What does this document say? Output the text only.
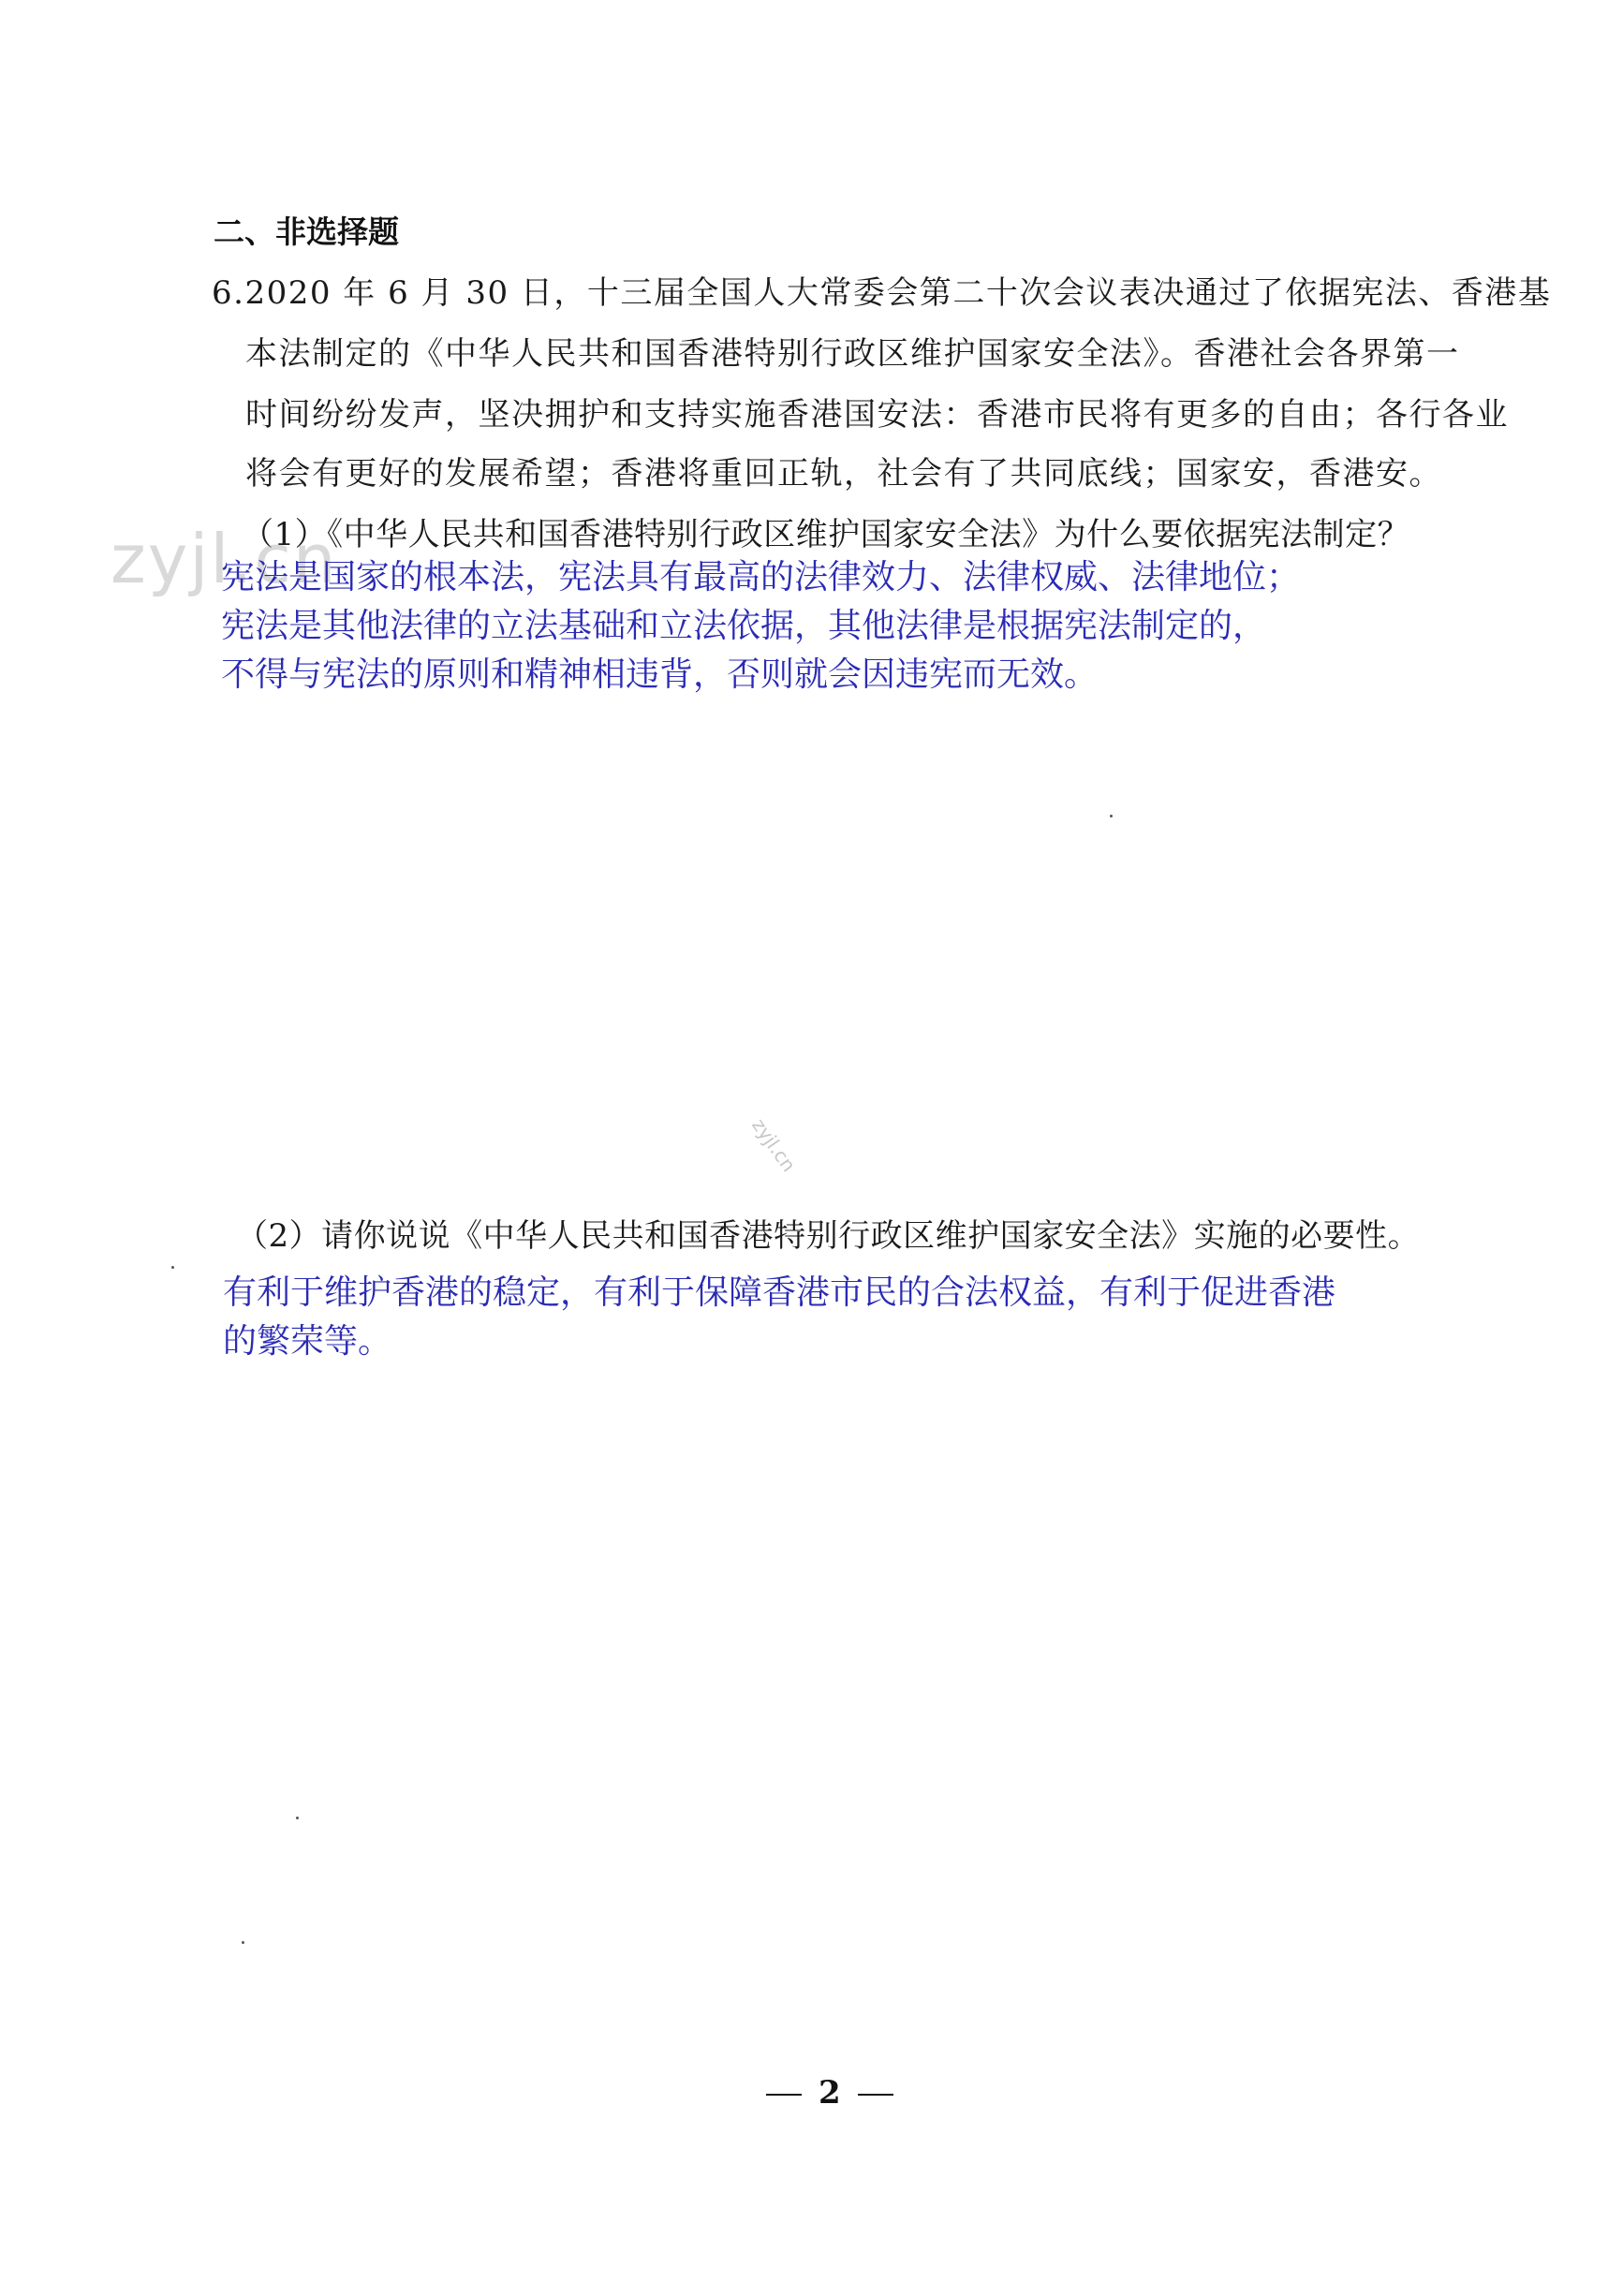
二、非选择题
6.2020 年 6 月 30 日，十三届全国人大常委会第二十次会议表决通过了依据宪法、香港基
本法制定的《中华人民共和国香港特别行政区维护国家安全法》。香港社会各界第一
时间纷纷发声，坚决拥护和支持实施香港国安法：香港市民将有更多的自由；各行各业
将会有更好的发展希望；香港将重回正轨，社会有了共同底线；国家安，香港安。
（1）《中华人民共和国香港特别行政区维护国家安全法》为什么要依据宪法制定？
zyjl.cn
宪法是国家的根本法，宪法具有最高的法律效力、法律权威、法律地位；
宪法是其他法律的立法基础和立法依据，其他法律是根据宪法制定的，
不得与宪法的原则和精神相违背，否则就会因违宪而无效。
zyjl.cn
（2）请你说说《中华人民共和国香港特别行政区维护国家安全法》实施的必要性。
有利于维护香港的稳定，有利于保障香港市民的合法权益，有利于促进香港
的繁荣等。
2
